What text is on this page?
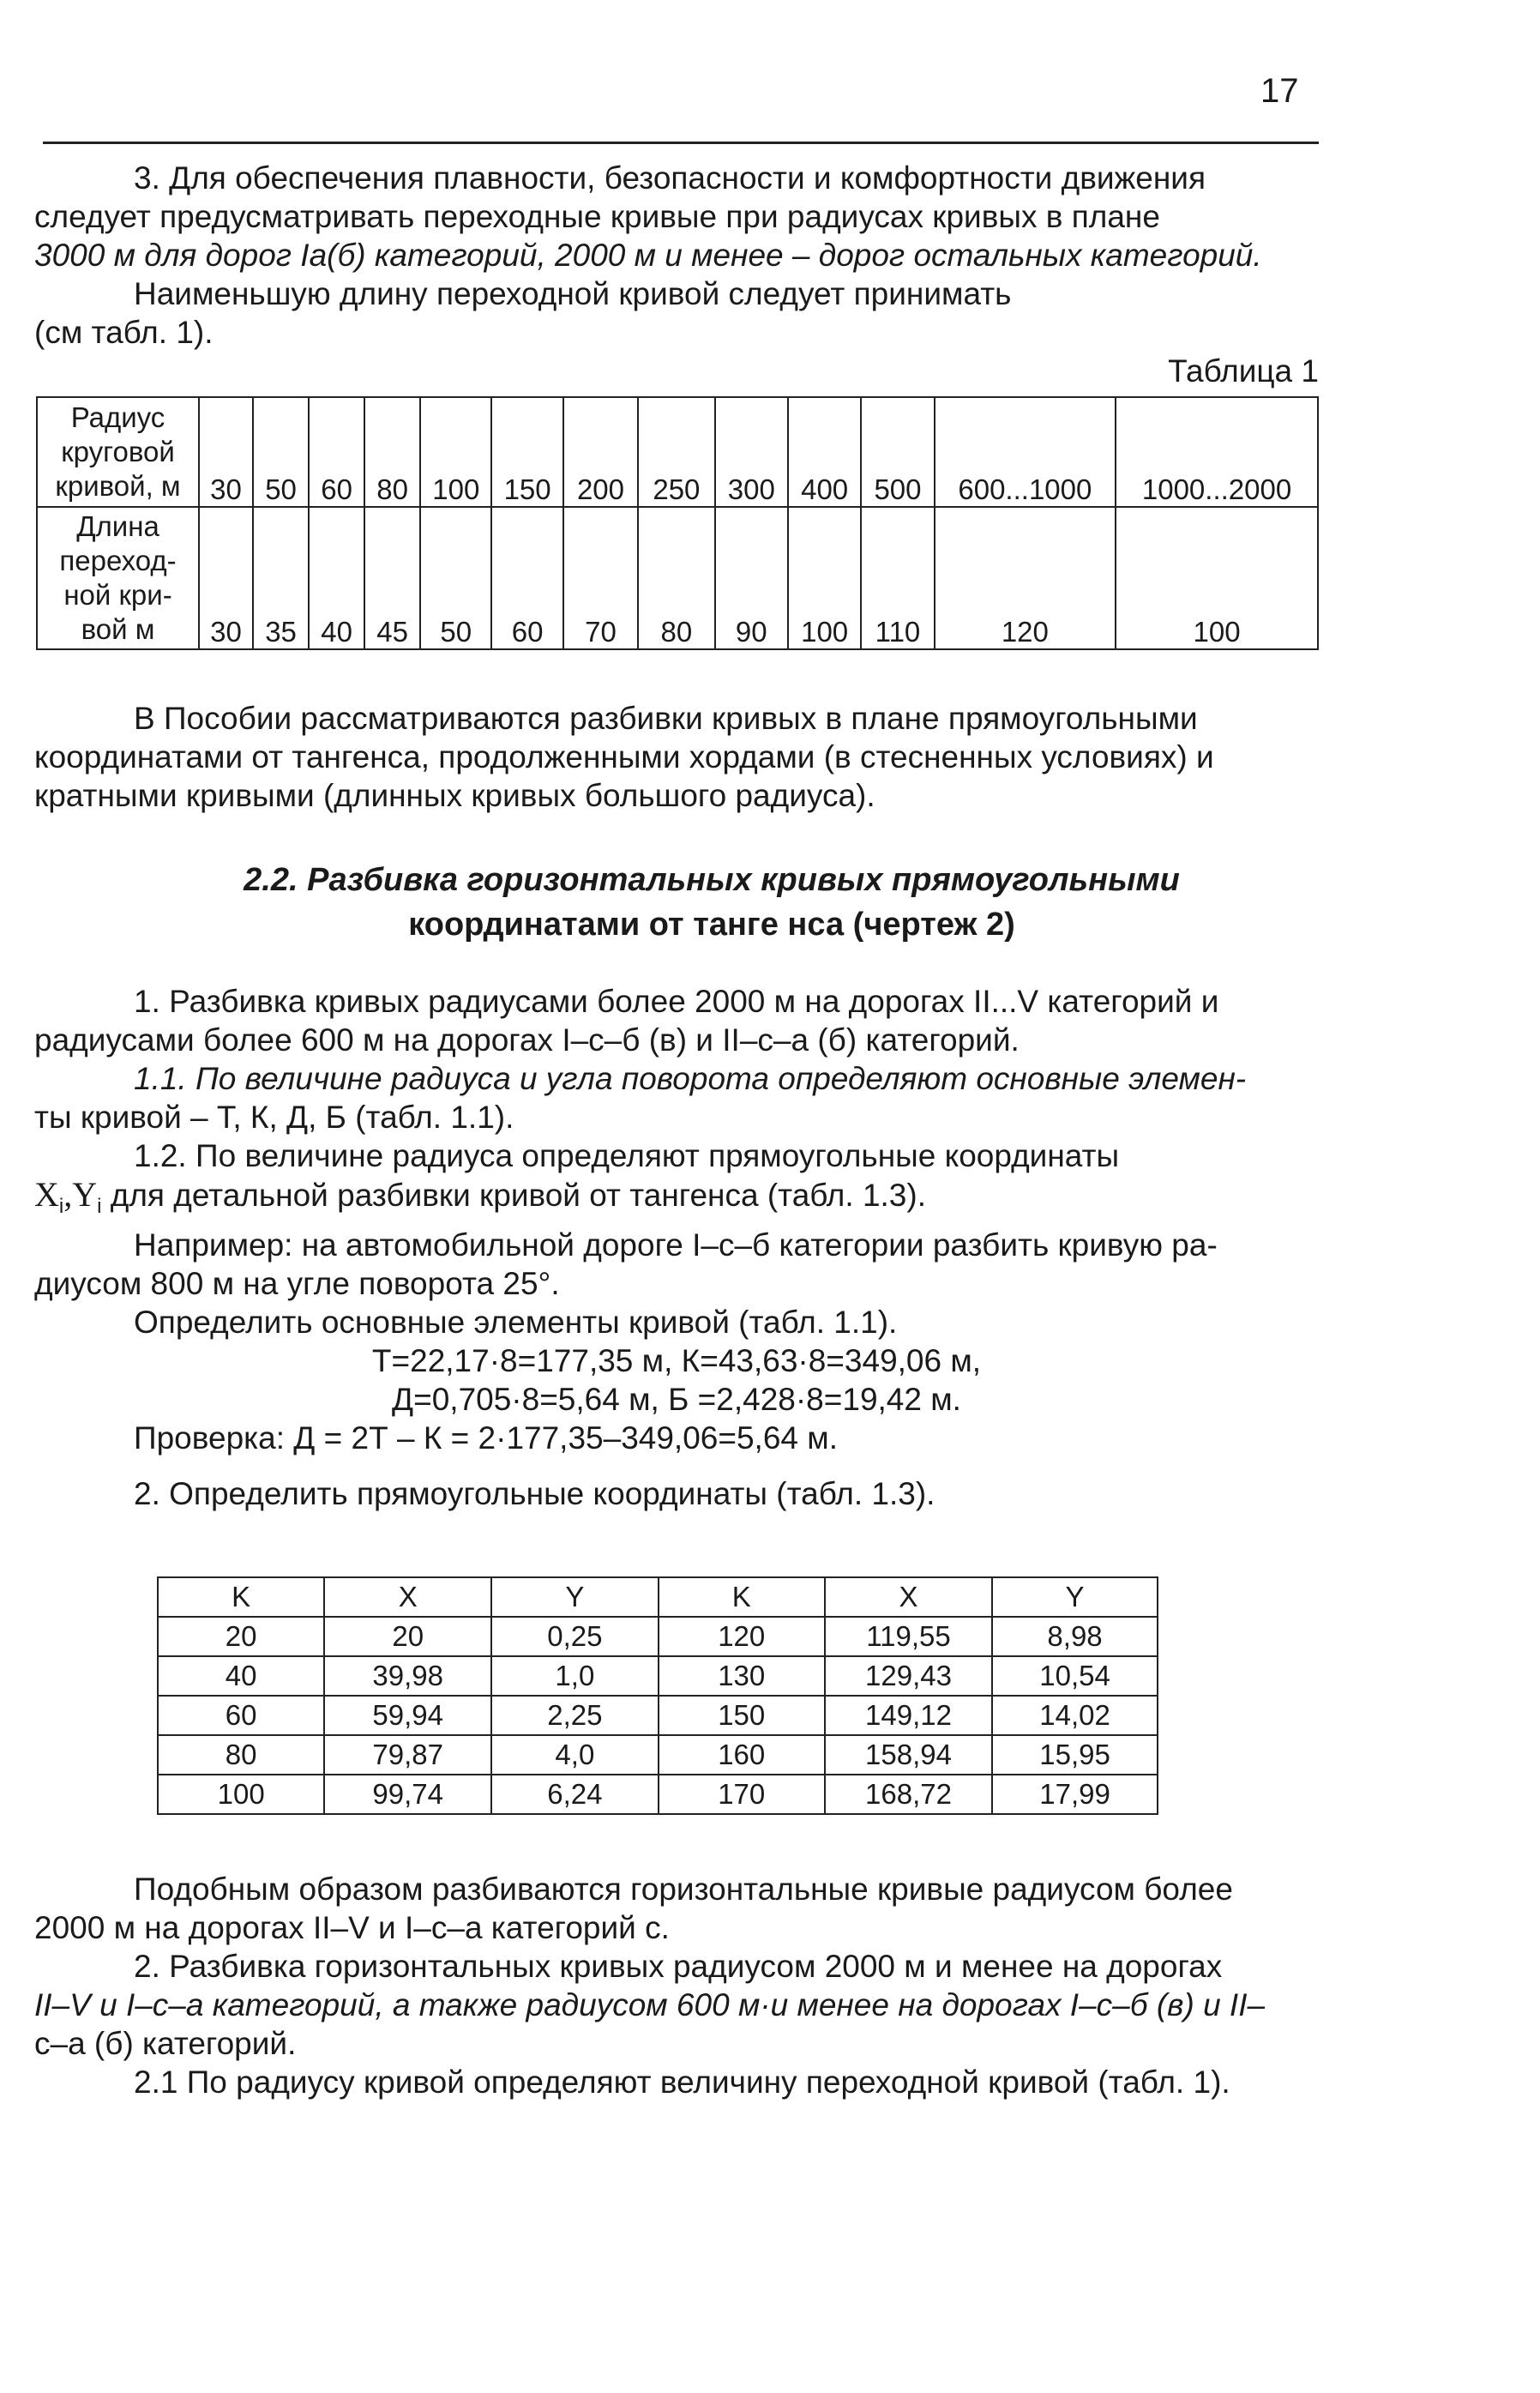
17

3. Для обеспечения плавности, безопасности и комфортности движения

следует предусматривать переходные кривые при радиусах кривых в плане

3000 м для дорог Ia(б) категорий, 2000 м и менее – дорог остальных категорий.

Наименьшую длину переходной кривой следует принимать

(см табл. 1).

Таблица 1

Радиус
круговой
кривой, м	30	50	60	80	100	150	200	250	300	400	500	600...1000	1000...2000

Длина
переход-
ной кри-
вой м	30	35	40	45	50	60	70	80	90	100	110	120	100

В Пособии рассматриваются разбивки кривых в плане прямоугольными

координатами от тангенса, продолженными хордами (в стесненных условиях) и

кратными кривыми (длинных кривых большого радиуса).

2.2. Разбивка горизонтальных кривых прямоугольными
координатами от танге нса (чертеж 2)

1. Разбивка кривых радиусами более 2000 м на дорогах II...V категорий и

радиусами более 600 м на дорогах I–с–б (в) и II–с–а (б) категорий.

1.1. По величине радиуса и угла поворота определяют основные элемен-

ты кривой – Т, К, Д, Б (табл. 1.1).

1.2. По величине радиуса определяют прямоугольные координаты

$X_i,Y_i$ для детальной разбивки кривой от тангенса (табл. 1.3).

Например: на автомобильной дороге I–с–б категории разбить кривую ра-

диусом 800 м на угле поворота 25°.

Определить основные элементы кривой (табл. 1.1).

Т=22,17·8=177,35 м, К=43,63·8=349,06 м,

Д=0,705·8=5,64 м, Б =2,428·8=19,42 м.

Проверка: Д = 2Т – К = 2·177,35–349,06=5,64 м.

2. Определить прямоугольные координаты (табл. 1.3).

K	X	Y	K	X	Y
20	20	0,25	120	119,55	8,98
40	39,98	1,0	130	129,43	10,54
60	59,94	2,25	150	149,12	14,02
80	79,87	4,0	160	158,94	15,95
100	99,74	6,24	170	168,72	17,99

Подобным образом разбиваются горизонтальные кривые радиусом более

2000 м на дорогах II–V и I–с–а категорий с.

2. Разбивка горизонтальных кривых радиусом 2000 м и менее на дорогах

II–V и I–с–а категорий, а также радиусом 600 м·и менее на дорогах I–с–б (в) и II–

с–а (б) категорий.

2.1 По радиусу кривой определяют величину переходной кривой (табл. 1).
